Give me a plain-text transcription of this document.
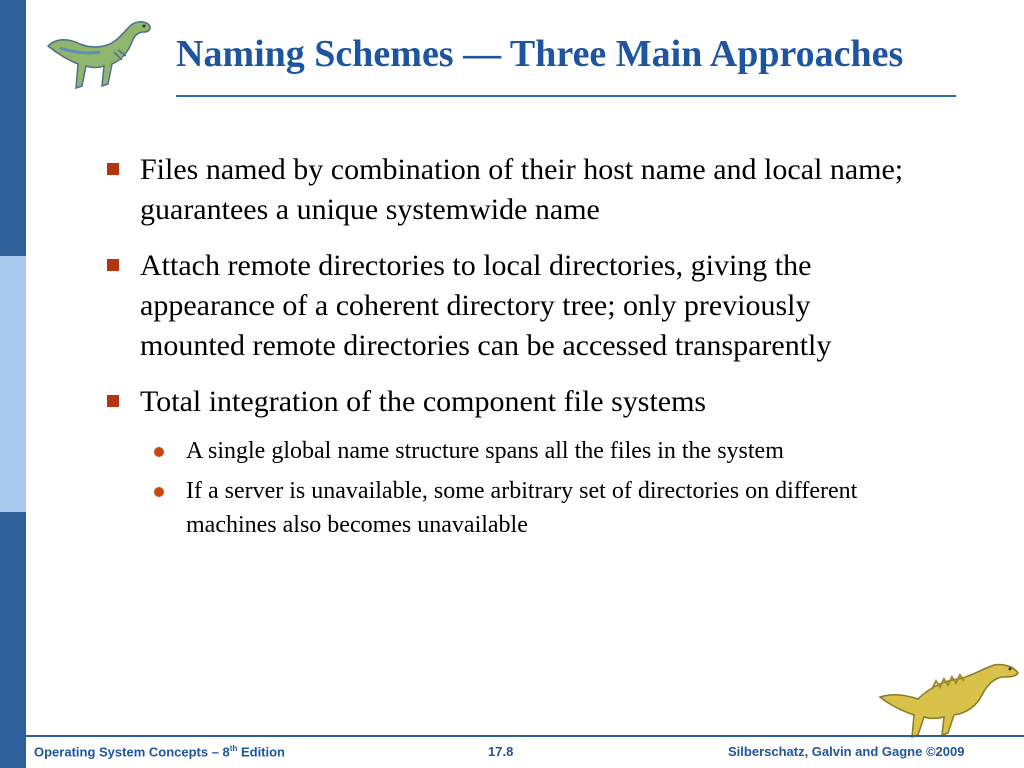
Naming Schemes — Three Main Approaches
Files named by combination of their host name and local name; guarantees a unique systemwide name
Attach remote directories to local directories, giving the appearance of a coherent directory tree; only previously mounted remote directories can be accessed transparently
Total integration of the component file systems
A single global name structure spans all the files in the system
If a server is unavailable, some arbitrary set of directories on different machines also becomes unavailable
Operating System Concepts – 8th Edition	17.8	Silberschatz, Galvin and Gagne ©2009
